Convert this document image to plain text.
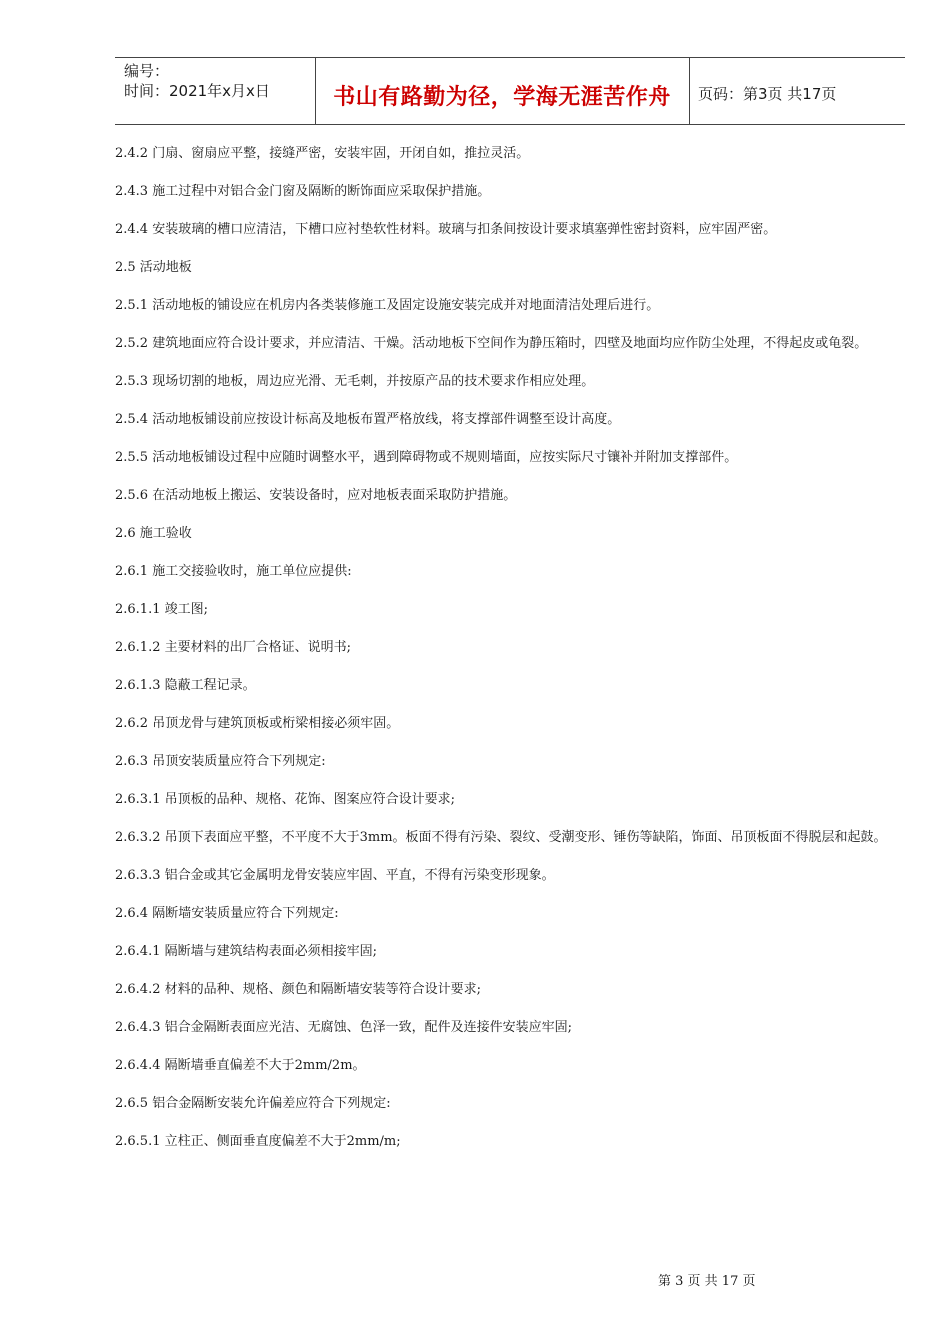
编号：
时间：2021年x月x日	书山有路勤为径，学海无涯苦作舟	页码：第3页 共17页

2.4.2 门扇、窗扇应平整，接缝严密，安装牢固，开闭自如，推拉灵活。

2.4.3 施工过程中对铝合金门窗及隔断的断饰面应采取保护措施。

2.4.4 安装玻璃的槽口应清洁，下槽口应衬垫软性材料。玻璃与扣条间按设计要求填塞弹性密封资料，应牢固严密。

2.5 活动地板

2.5.1 活动地板的铺设应在机房内各类装修施工及固定设施安装完成并对地面清洁处理后进行。

2.5.2 建筑地面应符合设计要求，并应清洁、干燥。活动地板下空间作为静压箱时，四壁及地面均应作防尘处理，不得起皮或龟裂。

2.5.3 现场切割的地板，周边应光滑、无毛刺，并按原产品的技术要求作相应处理。

2.5.4 活动地板铺设前应按设计标高及地板布置严格放线，将支撑部件调整至设计高度。

2.5.5 活动地板铺设过程中应随时调整水平，遇到障碍物或不规则墙面，应按实际尺寸镶补并附加支撑部件。

2.5.6 在活动地板上搬运、安装设备时，应对地板表面采取防护措施。

2.6 施工验收

2.6.1 施工交接验收时，施工单位应提供:

2.6.1.1 竣工图;

2.6.1.2 主要材料的出厂合格证、说明书;

2.6.1.3 隐蔽工程记录。

2.6.2 吊顶龙骨与建筑顶板或桁梁相接必须牢固。

2.6.3 吊顶安装质量应符合下列规定:

2.6.3.1 吊顶板的品种、规格、花饰、图案应符合设计要求;

2.6.3.2 吊顶下表面应平整，不平度不大于3mm。板面不得有污染、裂纹、受潮变形、锤伤等缺陷，饰面、吊顶板面不得脱层和起鼓。

2.6.3.3 铝合金或其它金属明龙骨安装应牢固、平直，不得有污染变形现象。

2.6.4 隔断墙安装质量应符合下列规定:

2.6.4.1 隔断墙与建筑结构表面必须相接牢固;

2.6.4.2 材料的品种、规格、颜色和隔断墙安装等符合设计要求;

2.6.4.3 铝合金隔断表面应光洁、无腐蚀、色泽一致，配件及连接件安装应牢固;

2.6.4.4 隔断墙垂直偏差不大于2mm/2m。

2.6.5 铝合金隔断安装允许偏差应符合下列规定:

2.6.5.1 立柱正、侧面垂直度偏差不大于2mm/m;

第 3 页 共 17 页
